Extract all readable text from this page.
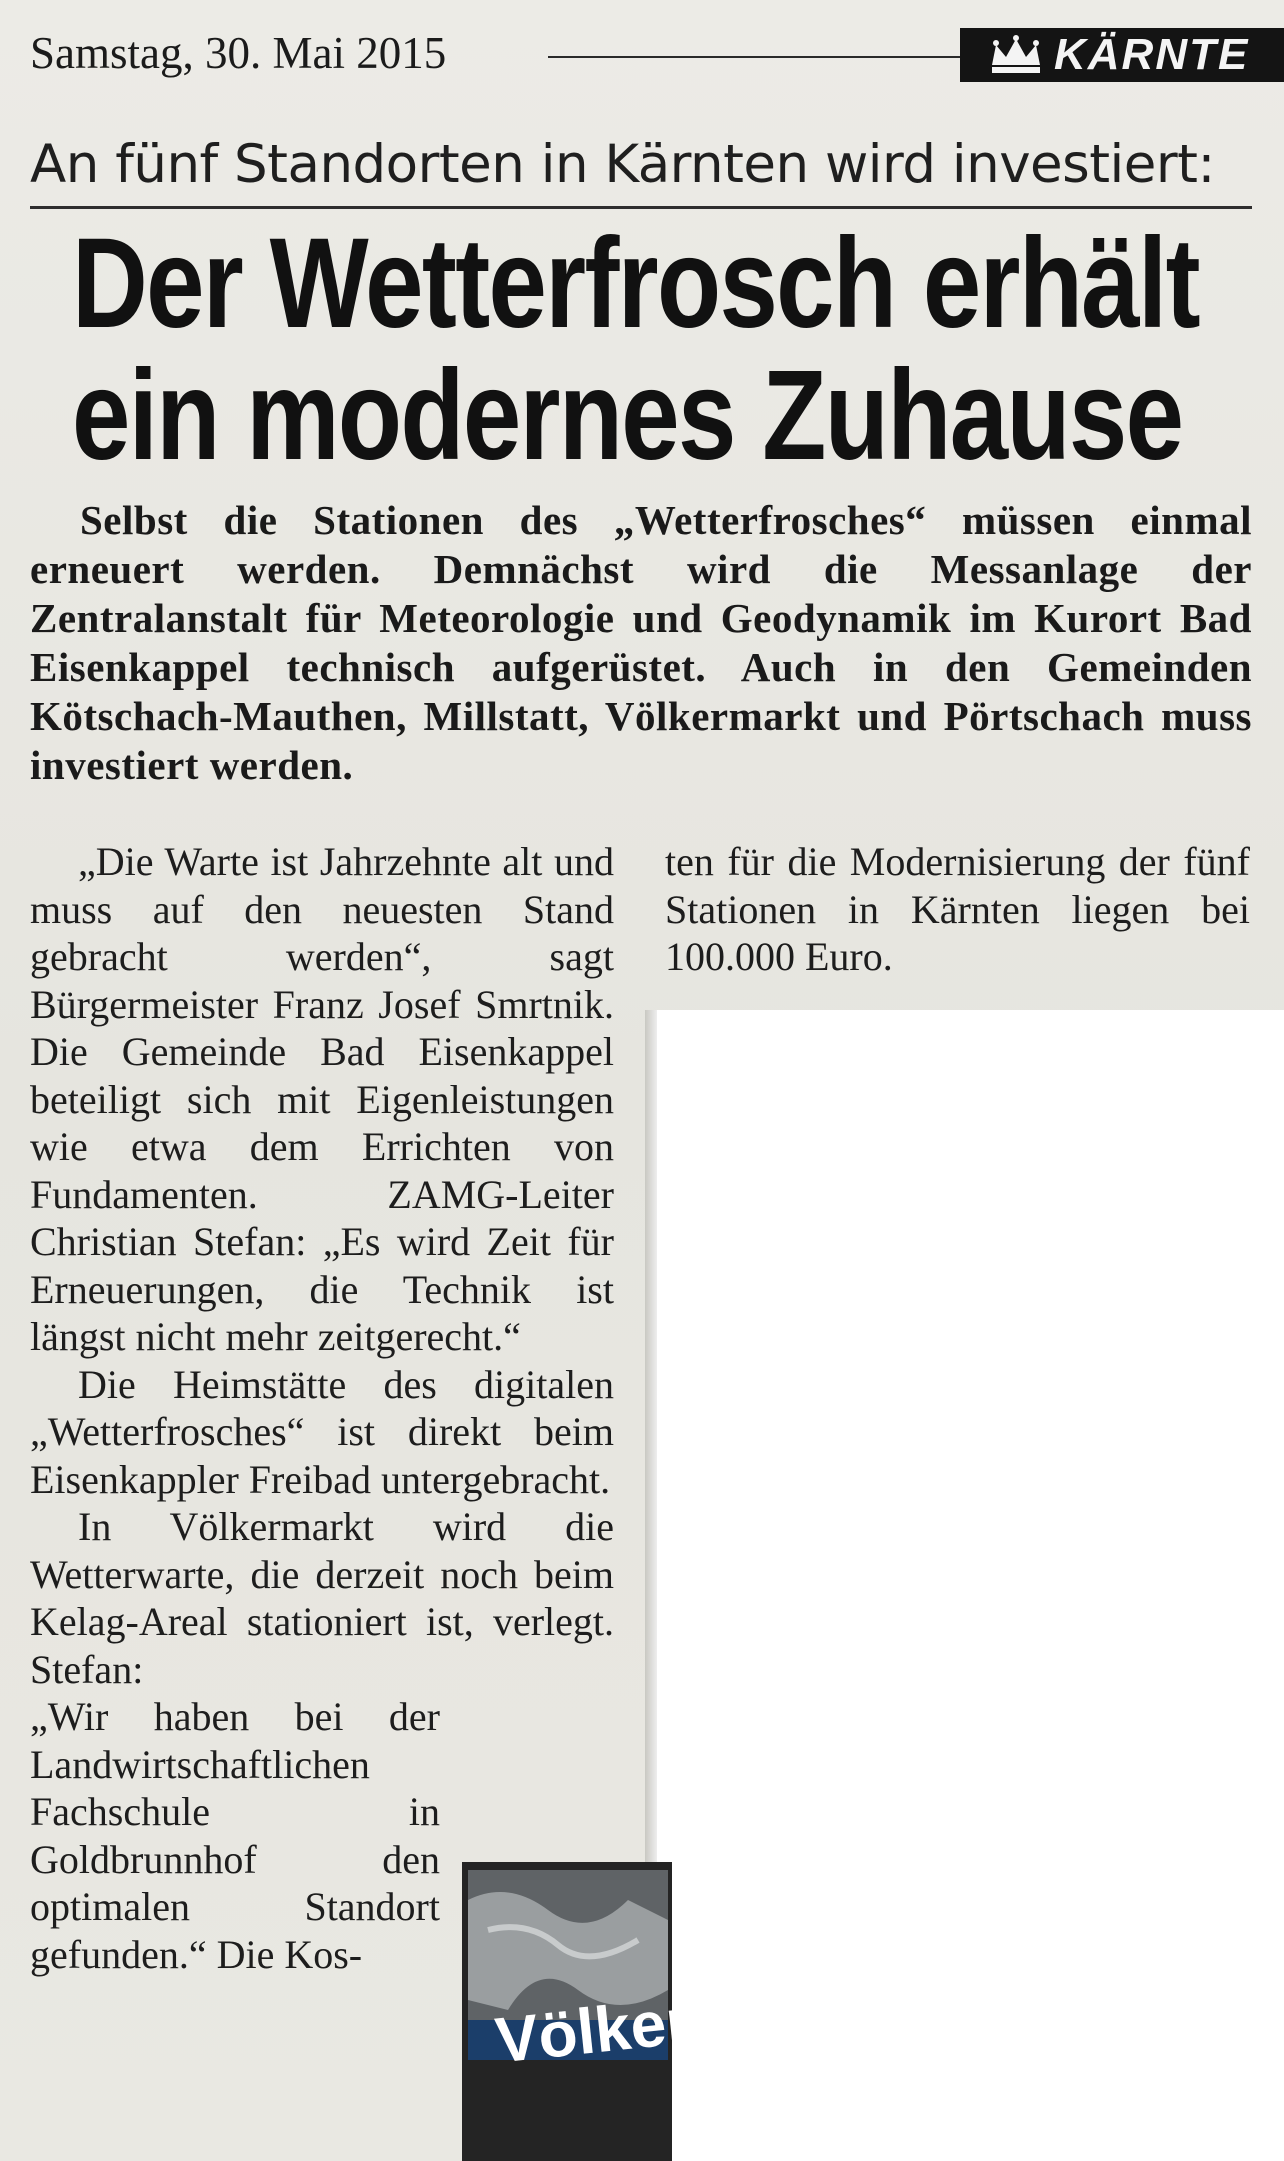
Samstag, 30. Mai 2015	KÄRNTE
An fünf Standorten in Kärnten wird investiert:
Der Wetterfrosch erhält
ein modernes Zuhause
Selbst die Stationen des „Wetterfrosches“ müssen einmal erneuert werden. Demnächst wird die Messanlage der Zentralanstalt für Meteorologie und Geodynamik im Kurort Bad Eisenkappel technisch aufgerüstet. Auch in den Gemeinden Kötschach-Mauthen, Millstatt, Völkermarkt und Pörtschach muss investiert werden.

„Die Warte ist Jahrzehnte alt und muss auf den neuesten Stand gebracht werden“, sagt Bürgermeister Franz Josef Smrtnik. Die Gemeinde Bad Eisenkappel beteiligt sich mit Eigenleistungen wie etwa dem Errichten von Fundamenten. ZAMG-Leiter Christian Stefan: „Es wird Zeit für Erneuerungen, die Technik ist längst nicht mehr zeitgerecht.“

Die Heimstätte des digitalen „Wetterfrosches“ ist direkt beim Eisenkappler Freibad untergebracht.

In Völkermarkt wird die Wetterwarte, die derzeit noch beim Kelag-Areal stationiert ist, verlegt. Stefan:

„Wir haben bei der Landwirtschaftlichen Fachschule in Goldbrunnhof den optimalen Standort gefunden.“ Die Kos-

ten für die Modernisierung der fünf Stationen in Kärnten liegen bei 100.000 Euro.

Völker
